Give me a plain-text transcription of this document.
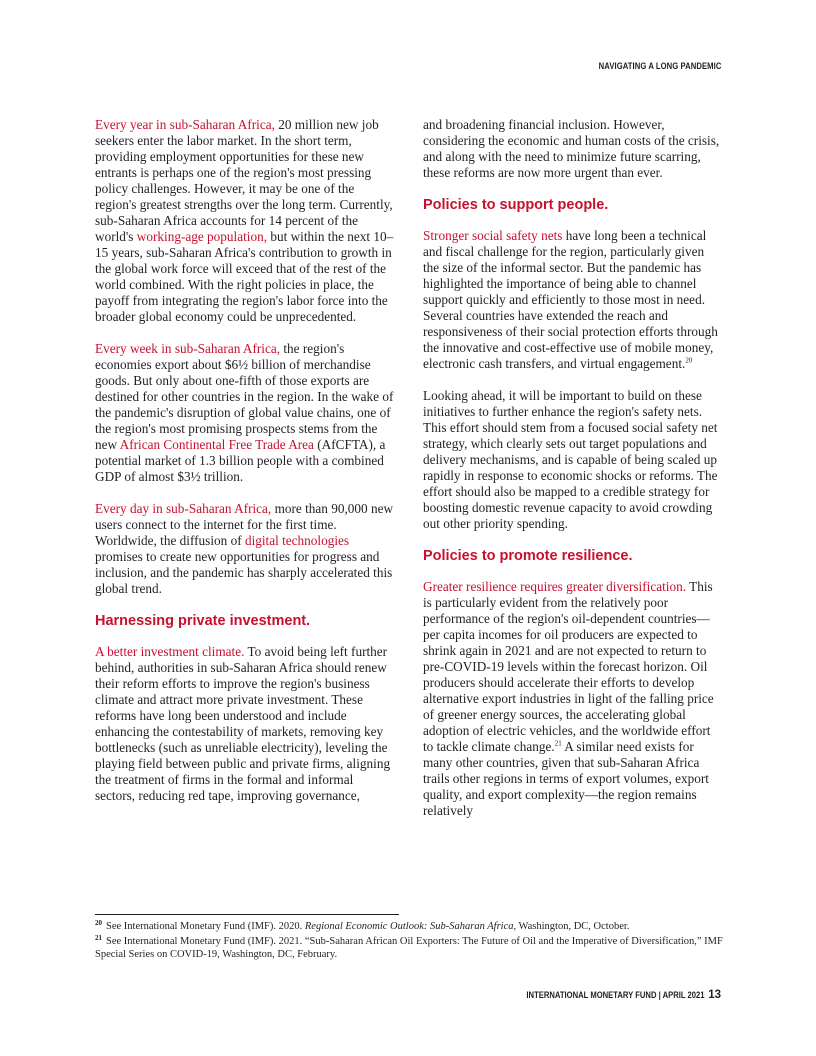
NAVIGATING A LONG PANDEMIC

Every year in sub-Saharan Africa, 20 million new job seekers enter the labor market. In the short term, providing employment opportunities for these new entrants is perhaps one of the region's most pressing policy challenges. However, it may be one of the region's greatest strengths over the long term. Currently, sub-Saharan Africa accounts for 14 percent of the world's working-age population, but within the next 10–15 years, sub-Saharan Africa's contribution to growth in the global work force will exceed that of the rest of the world combined. With the right policies in place, the payoff from integrating the region's labor force into the broader global economy could be unprecedented.

Every week in sub-Saharan Africa, the region's economies export about $6½ billion of merchandise goods. But only about one-fifth of those exports are destined for other countries in the region. In the wake of the pandemic's disruption of global value chains, one of the region's most promising prospects stems from the new African Continental Free Trade Area (AfCFTA), a potential market of 1.3 billion people with a combined GDP of almost $3½ trillion.

Every day in sub-Saharan Africa, more than 90,000 new users connect to the internet for the first time. Worldwide, the diffusion of digital technologies promises to create new opportunities for progress and inclusion, and the pandemic has sharply accelerated this global trend.

Harnessing private investment.

A better investment climate. To avoid being left further behind, authorities in sub-Saharan Africa should renew their reform efforts to improve the region's business climate and attract more private investment. These reforms have long been understood and include enhancing the contestability of markets, removing key bottlenecks (such as unreliable electricity), leveling the playing field between public and private firms, aligning the treatment of firms in the formal and informal sectors, reducing red tape, improving governance,

and broadening financial inclusion. However, considering the economic and human costs of the crisis, and along with the need to minimize future scarring, these reforms are now more urgent than ever.

Policies to support people.

Stronger social safety nets have long been a technical and fiscal challenge for the region, particularly given the size of the informal sector. But the pandemic has highlighted the importance of being able to channel support quickly and efficiently to those most in need. Several countries have extended the reach and responsiveness of their social protection efforts through the innovative and cost-effective use of mobile money, electronic cash transfers, and virtual engagement.$^{20}$

Looking ahead, it will be important to build on these initiatives to further enhance the region's safety nets. This effort should stem from a focused social safety net strategy, which clearly sets out target populations and delivery mechanisms, and is capable of being scaled up rapidly in response to economic shocks or reforms. The effort should also be mapped to a credible strategy for boosting domestic revenue capacity to avoid crowding out other priority spending.

Policies to promote resilience.

Greater resilience requires greater diversification. This is particularly evident from the relatively poor performance of the region's oil-dependent countries—per capita incomes for oil producers are expected to shrink again in 2021 and are not expected to return to pre-COVID-19 levels within the forecast horizon. Oil producers should accelerate their efforts to develop alternative export industries in light of the falling price of greener energy sources, the accelerating global adoption of electric vehicles, and the worldwide effort to tackle climate change.$^{21}$ A similar need exists for many other countries, given that sub-Saharan Africa trails other regions in terms of export volumes, export quality, and export complexity—the region remains relatively

$^{20}$ See International Monetary Fund (IMF). 2020. Regional Economic Outlook: Sub-Saharan Africa, Washington, DC, October.

$^{21}$ See International Monetary Fund (IMF). 2021. “Sub-Saharan African Oil Exporters: The Future of Oil and the Imperative of Diversification,” IMF Special Series on COVID-19, Washington, DC, February.

INTERNATIONAL MONETARY FUND | APRIL 2021 13
